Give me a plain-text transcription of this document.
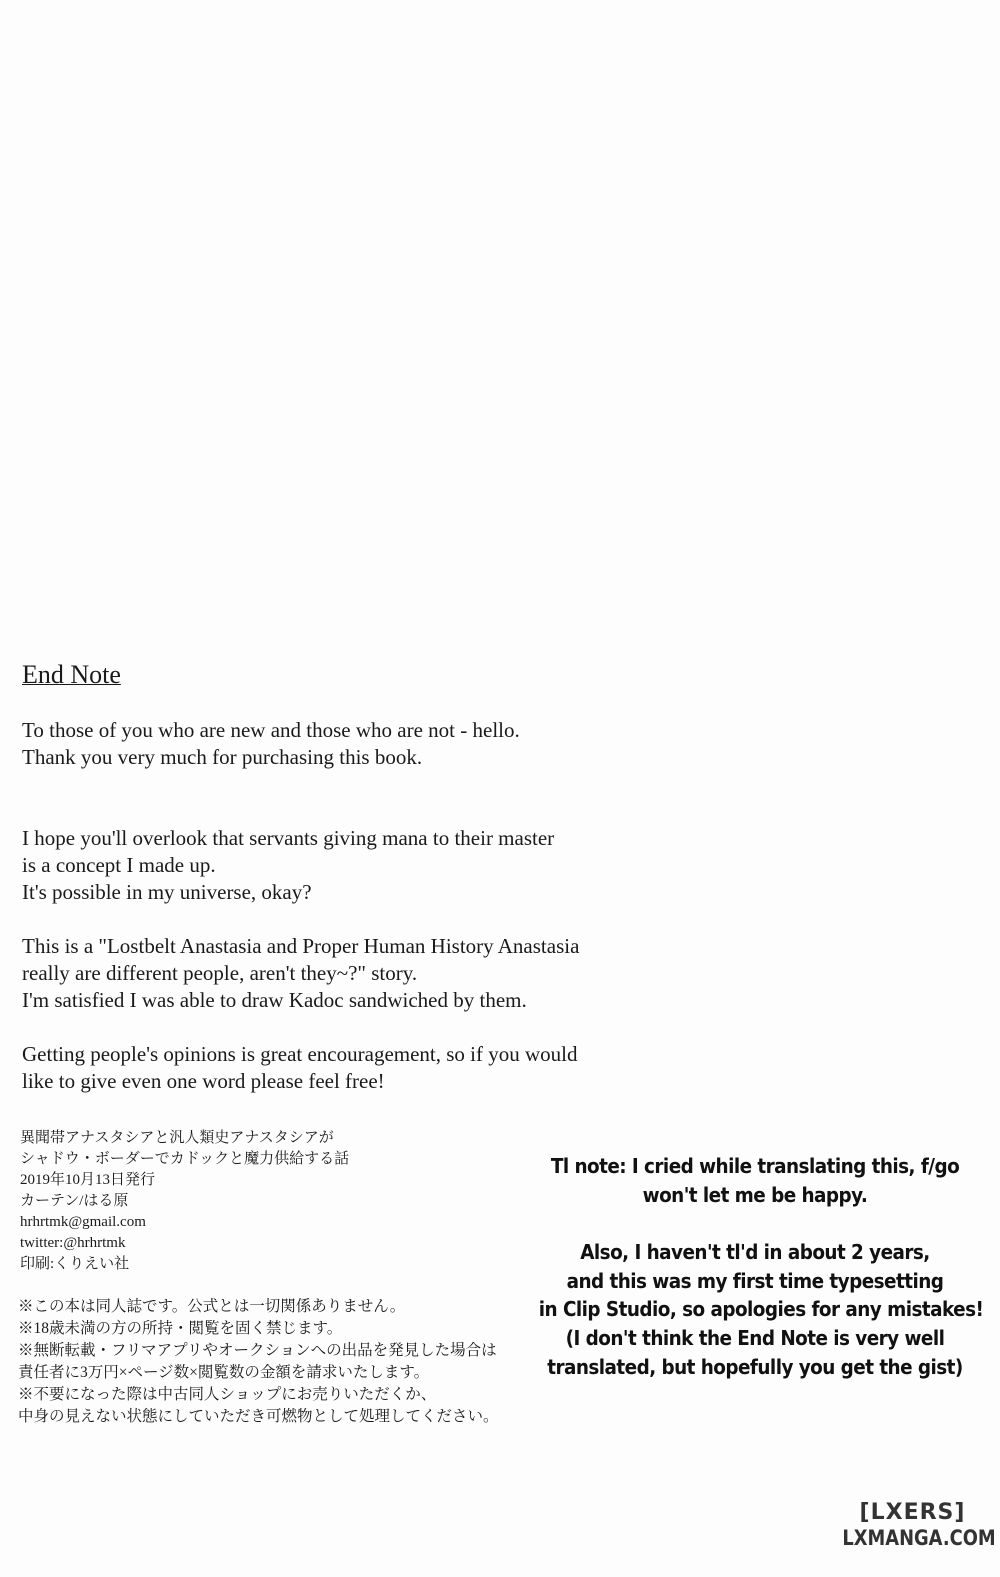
End Note

To those of you who are new and those who are not - hello.
Thank you very much for purchasing this book.

I hope you'll overlook that servants giving mana to their master
is a concept I made up.
It's possible in my universe, okay?
This is a "Lostbelt Anastasia and Proper Human History Anastasia
really are different people, aren't they~?" story.
I'm satisfied I was able to draw Kadoc sandwiched by them.
Getting people's opinions is great encouragement, so if you would
like to give even one word please feel free!
異聞帯アナスタシアと汎人類史アナスタシアが
シャドウ・ボーダーでカドックと魔力供給する話
2019年10月13日発行
カーテン/はる原
hrhrtmk@gmail.com
twitter:@hrhrtmk
印刷:くりえい社
※この本は同人誌です。公式とは一切関係ありません。
※18歳未満の方の所持・閲覧を固く禁じます。
※無断転載・フリマアプリやオークションへの出品を発見した場合は
責任者に3万円×ページ数×閲覧数の金額を請求いたします。
※不要になった際は中古同人ショップにお売りいただくか、
中身の見えない状態にしていただき可燃物として処理してください。
Tl note: I cried while translating this, f/go
won't let me be happy.
Also, I haven't tl'd in about 2 years,
and this was my first time typesetting
in Clip Studio, so apologies for any mistakes!
(I don't think the End Note is very well
translated, but hopefully you get the gist)
[LXERS]
LXMANGA.COM
